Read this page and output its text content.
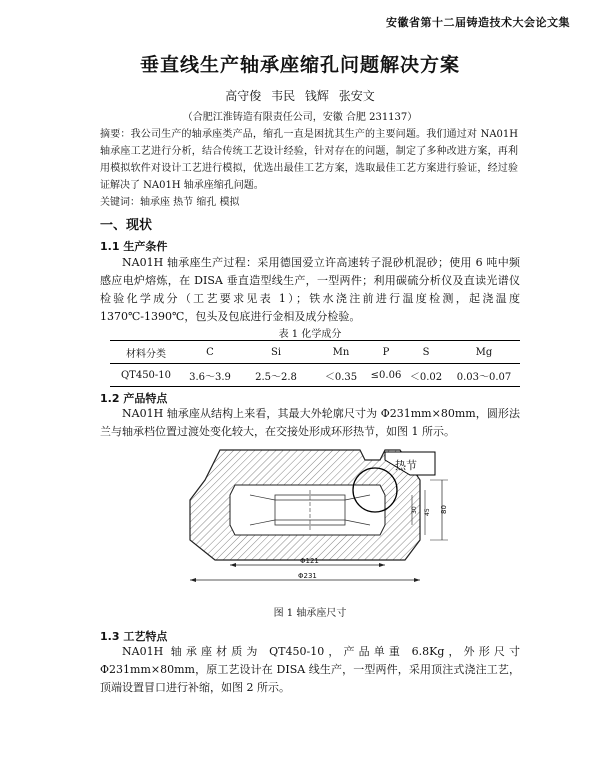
安徽省第十二届铸造技术大会论文集
垂直线生产轴承座缩孔问题解决方案
高守俊 韦民 钱辉 张安文
（合肥江淮铸造有限责任公司，安徽 合肥 231137）
摘要：我公司生产的轴承座类产品，缩孔一直是困扰其生产的主要问题。我们通过对 NA01H 轴承座工艺进行分析，结合传统工艺设计经验，针对存在的问题，制定了多种改进方案，再利用模拟软件对设计工艺进行模拟，优选出最佳工艺方案，选取最佳工艺方案进行验证，经过验证解决了 NA01H 轴承座缩孔问题。
关键词：轴承座 热节 缩孔 模拟
一、现状
1.1 生产条件
NA01H 轴承座生产过程：采用德国爱立许高速转子混砂机混砂；使用 6 吨中频感应电炉熔炼，在 DISA 垂直造型线生产，一型两件；利用碳硫分析仪及直读光谱仪检验化学成分（工艺要求见表 1）；铁水浇注前进行温度检测，起浇温度 1370℃-1390℃，包头及包底进行金相及成分检验。
表 1 化学成分
材料分类	C	Si	Mn	P	S	Mg
QT450-10	3.6～3.9	2.5～2.8	＜0.35	≤0.06	＜0.02	0.03～0.07
1.2 产品特点
NA01H 轴承座从结构上来看，其最大外轮廓尺寸为 Φ231mm×80mm，圆形法兰与轴承档位置过渡处变化较大，在交接处形成环形热节，如图 1 所示。
热节
80
30 45
Φ121
Φ231
图 1 轴承座尺寸
1.3 工艺特点
NA01H 轴承座材质为 QT450-10，产品单重 6.8Kg，外形尺寸 Φ231mm×80mm，原工艺设计在 DISA 线生产，一型两件，采用顶注式浇注工艺，顶端设置冒口进行补缩，如图 2 所示。
